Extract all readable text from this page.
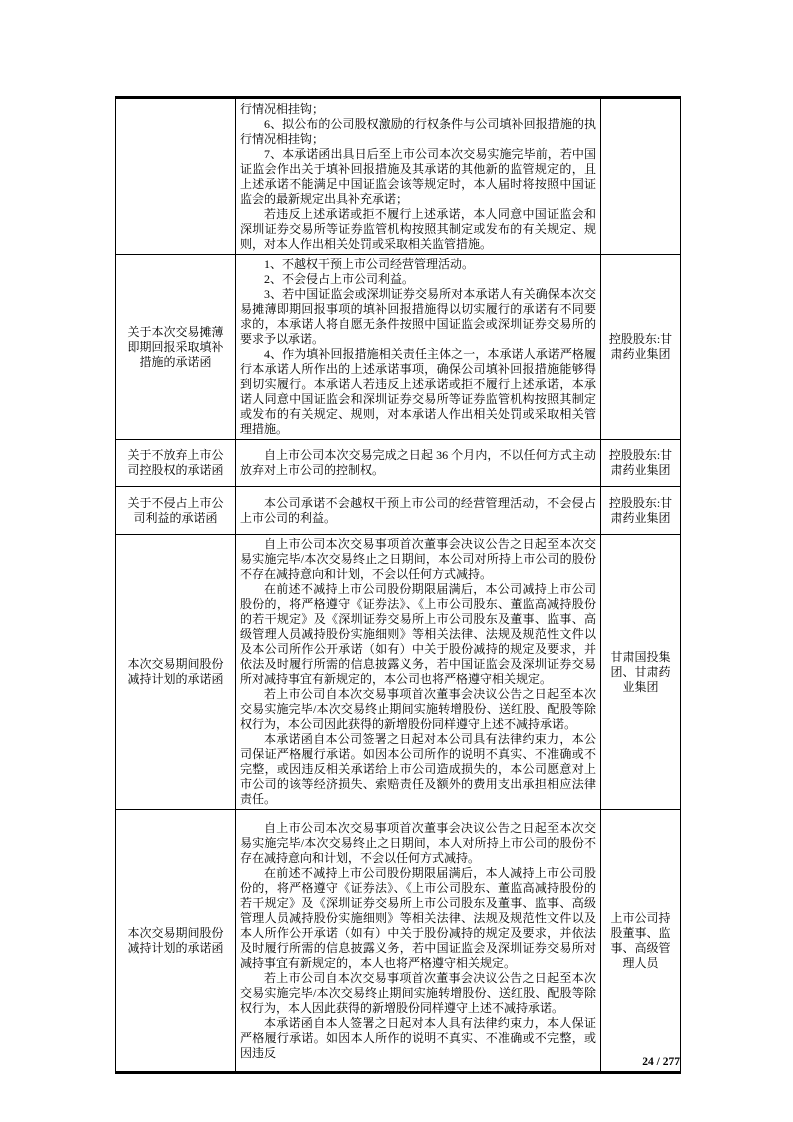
	行情况相挂钩；

6、拟公布的公司股权激励的行权条件与公司填补回报措施的执行情况相挂钩；

7、本承诺函出具日后至上市公司本次交易实施完毕前，若中国证监会作出关于填补回报措施及其承诺的其他新的监管规定的，且上述承诺不能满足中国证监会该等规定时，本人届时将按照中国证监会的最新规定出具补充承诺；

若违反上述承诺或拒不履行上述承诺，本人同意中国证监会和深圳证券交易所等证券监管机构按照其制定或发布的有关规定、规则，对本人作出相关处罚或采取相关监管措施。	

关于本次交易摊薄即期回报采取填补措施的承诺函	1、不越权干预上市公司经营管理活动。

2、不会侵占上市公司利益。

3、若中国证监会或深圳证券交易所对本承诺人有关确保本次交易摊薄即期回报事项的填补回报措施得以切实履行的承诺有不同要求的，本承诺人将自愿无条件按照中国证监会或深圳证券交易所的要求予以承诺。

4、作为填补回报措施相关责任主体之一，本承诺人承诺严格履行本承诺人所作出的上述承诺事项，确保公司填补回报措施能够得到切实履行。本承诺人若违反上述承诺或拒不履行上述承诺，本承诺人同意中国证监会和深圳证券交易所等证券监管机构按照其制定或发布的有关规定、规则，对本承诺人作出相关处罚或采取相关管理措施。	控股股东:甘肃药业集团
关于不放弃上市公司控股权的承诺函	自上市公司本次交易完成之日起 36 个月内，不以任何方式主动放弃对上市公司的控制权。	控股股东:甘肃药业集团
关于不侵占上市公司利益的承诺函	本公司承诺不会越权干预上市公司的经营管理活动，不会侵占上市公司的利益。	控股股东:甘肃药业集团
本次交易期间股份减持计划的承诺函	自上市公司本次交易事项首次董事会决议公告之日起至本次交易实施完毕/本次交易终止之日期间，本公司对所持上市公司的股份不存在减持意向和计划，不会以任何方式减持。

在前述不减持上市公司股份期限届满后，本公司减持上市公司股份的，将严格遵守《证券法》、《上市公司股东、董监高减持股份的若干规定》及《深圳证券交易所上市公司股东及董事、监事、高级管理人员减持股份实施细则》等相关法律、法规及规范性文件以及本公司所作公开承诺（如有）中关于股份减持的规定及要求，并依法及时履行所需的信息披露义务，若中国证监会及深圳证券交易所对减持事宜有新规定的，本公司也将严格遵守相关规定。

若上市公司自本次交易事项首次董事会决议公告之日起至本次交易实施完毕/本次交易终止期间实施转增股份、送红股、配股等除权行为，本公司因此获得的新增股份同样遵守上述不减持承诺。

本承诺函自本公司签署之日起对本公司具有法律约束力，本公司保证严格履行承诺。如因本公司所作的说明不真实、不准确或不完整，或因违反相关承诺给上市公司造成损失的，本公司愿意对上市公司的该等经济损失、索赔责任及额外的费用支出承担相应法律责任。	甘肃国投集团、甘肃药业集团
本次交易期间股份减持计划的承诺函	自上市公司本次交易事项首次董事会决议公告之日起至本次交易实施完毕/本次交易终止之日期间，本人对所持上市公司的股份不存在减持意向和计划，不会以任何方式减持。

在前述不减持上市公司股份期限届满后，本人减持上市公司股份的，将严格遵守《证券法》、《上市公司股东、董监高减持股份的若干规定》及《深圳证券交易所上市公司股东及董事、监事、高级管理人员减持股份实施细则》等相关法律、法规及规范性文件以及本人所作公开承诺（如有）中关于股份减持的规定及要求，并依法及时履行所需的信息披露义务，若中国证监会及深圳证券交易所对减持事宜有新规定的，本人也将严格遵守相关规定。

若上市公司自本次交易事项首次董事会决议公告之日起至本次交易实施完毕/本次交易终止期间实施转增股份、送红股、配股等除权行为，本人因此获得的新增股份同样遵守上述不减持承诺。

本承诺函自本人签署之日起对本人具有法律约束力，本人保证严格履行承诺。如因本人所作的说明不真实、不准确或不完整，或因违反	上市公司持股董事、监事、高级管理人员
24 / 277
